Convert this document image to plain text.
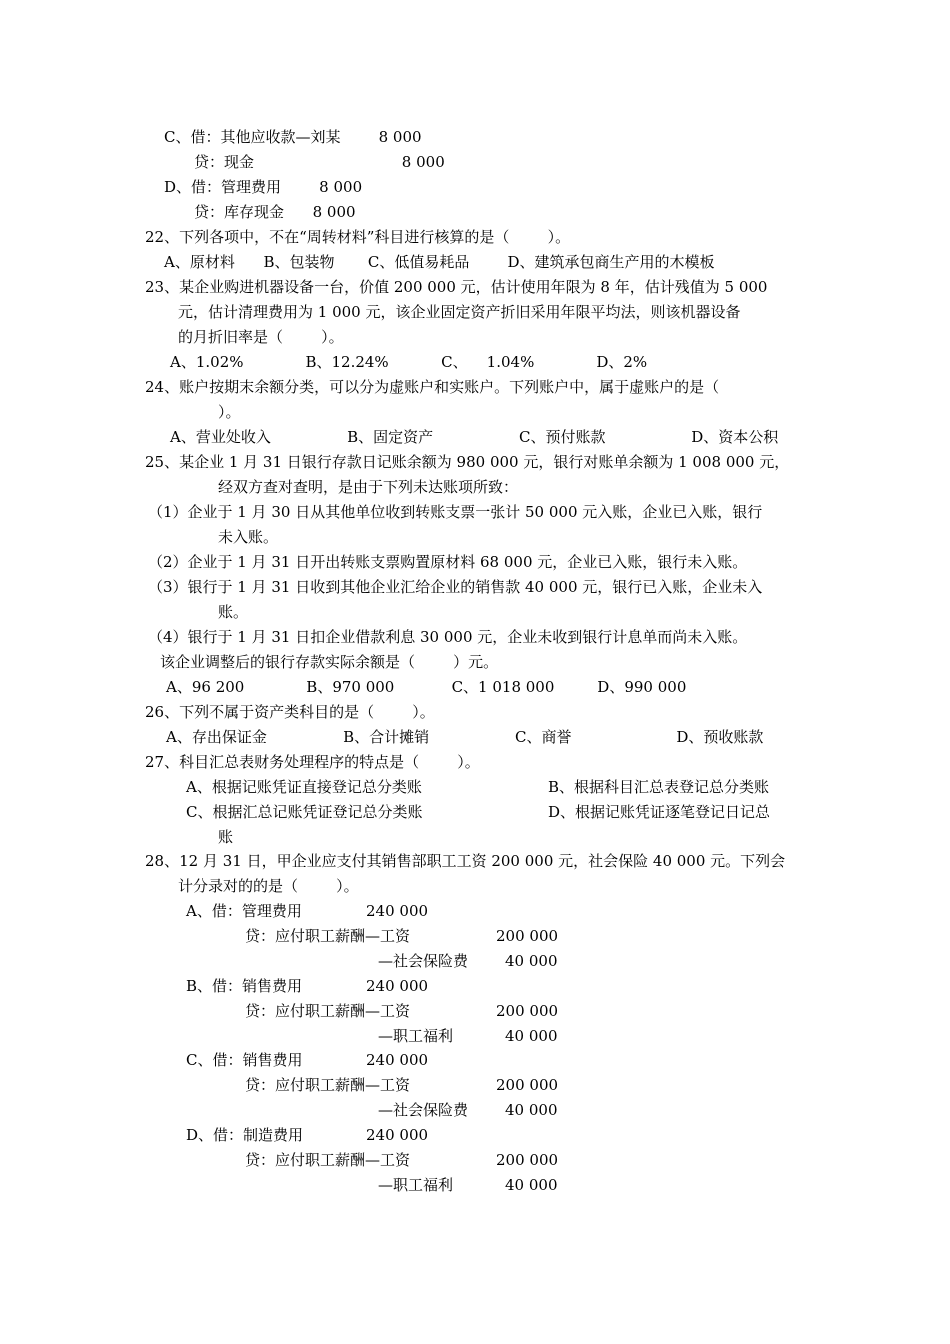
C、借：其他应收款—刘某        8 000
贷：现金                               8 000
D、借：管理费用        8 000
贷：库存现金      8 000
22、下列各项中，不在“周转材料”科目进行核算的是（        ）。
A、原材料      B、包装物       C、低值易耗品        D、建筑承包商生产用的木模板
23、某企业购进机器设备一台，价值 200 000 元，估计使用年限为 8 年，估计残值为 5 000
元，估计清理费用为 1 000 元，该企业固定资产折旧采用年限平均法，则该机器设备
的月折旧率是（        ）。
A、1.02%             B、12.24%           C、    1.04%             D、2%
24、账户按期末余额分类，可以分为虚账户和实账户。下列账户中，属于虚账户的是（
）。
A、营业处收入                B、固定资产                  C、预付账款                  D、资本公积
25、某企业 1 月 31 日银行存款日记账余额为 980 000 元，银行对账单余额为 1 008 000 元，
经双方查对查明，是由于下列未达账项所致：
（1）企业于 1 月 30 日从其他单位收到转账支票一张计 50 000 元入账，企业已入账，银行
未入账。
（2）企业于 1 月 31 日开出转账支票购置原材料 68 000 元，企业已入账，银行未入账。
（3）银行于 1 月 31 日收到其他企业汇给企业的销售款 40 000 元，银行已入账，企业未入
账。
（4）银行于 1 月 31 日扣企业借款利息 30 000 元，企业未收到银行计息单而尚未入账。
该企业调整后的银行存款实际余额是（        ）元。
A、96 200             B、970 000            C、1 018 000         D、990 000
26、下列不属于资产类科目的是（        ）。
A、存出保证金                B、合计摊销                  C、商誉                      D、预收账款
27、科目汇总表财务处理程序的特点是（        ）。
A、根据记账凭证直接登记总分类账	B、根据科目汇总表登记总分类账
C、根据汇总记账凭证登记总分类账	D、根据记账凭证逐笔登记日记总
账
28、12 月 31 日，甲企业应支付其销售部职工工资 200 000 元，社会保险 40 000 元。下列会
计分录对的的是（        ）。
A、借：管理费用	240 000
贷：应付职工薪酬—工资	200 000
—社会保险费 40 000
B、借：销售费用	240 000
贷：应付职工薪酬—工资	200 000
—职工福利	40 000
C、借：销售费用	240 000
贷：应付职工薪酬—工资	200 000
—社会保险费 40 000
D、借：制造费用	240 000
贷：应付职工薪酬—工资	200 000
—职工福利	40 000
